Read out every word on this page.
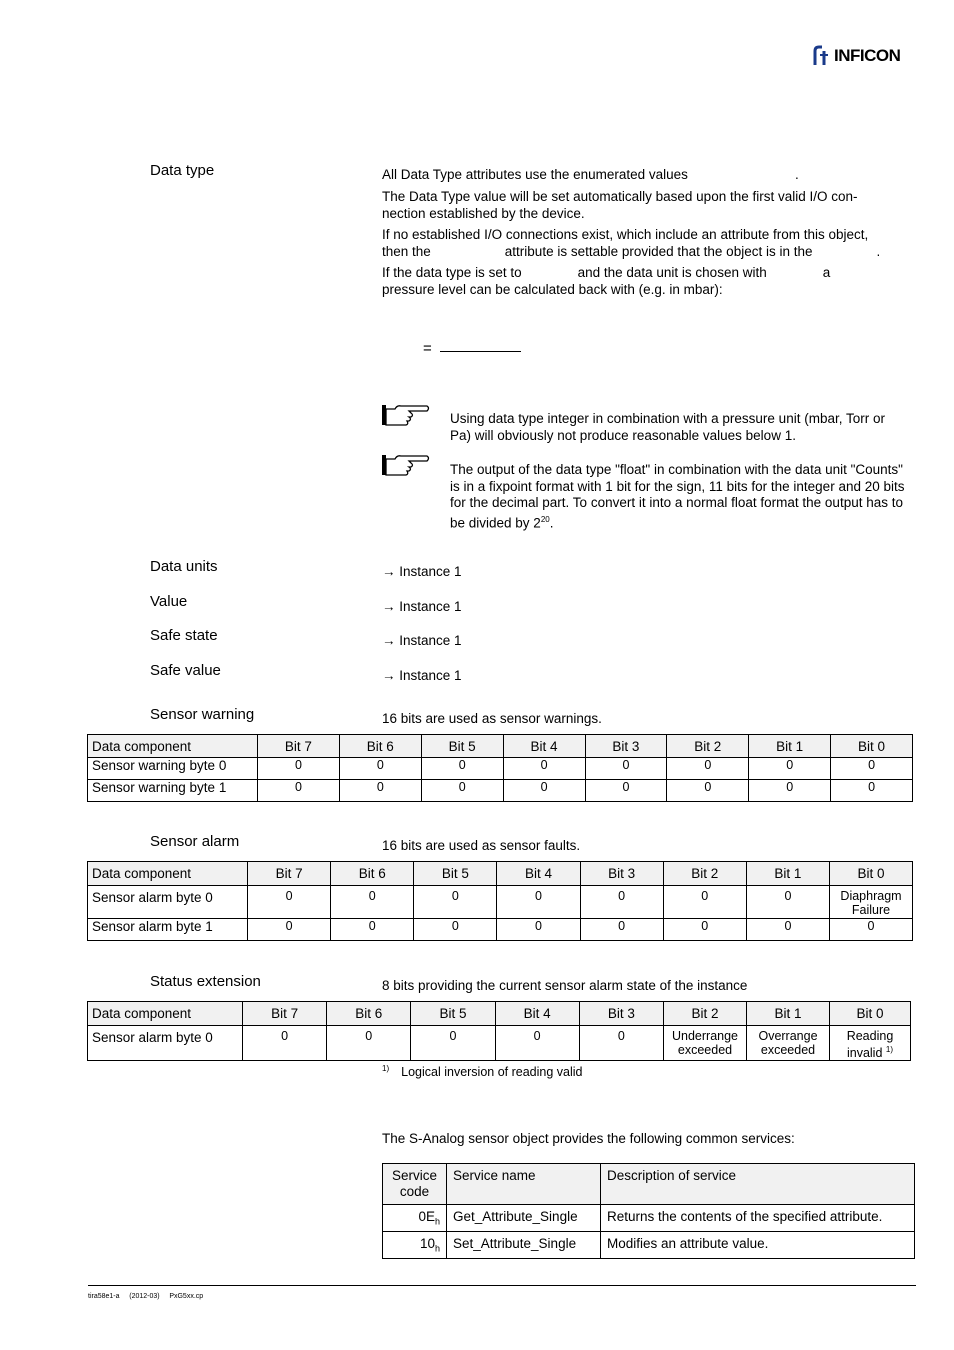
INFICON
Data type	All Data Type attributes use the enumerated values	.
The Data Type value will be set automatically based upon the first valid I/O con-
nection established by the device.
If no established I/O connections exist, which include an attribute from this object,
then the	attribute is settable provided that the object is in the	.
If the data type is set to	and the data unit is chosen with	a
pressure level can be calculated back with (e.g. in mbar):
=
Using data type integer in combination with a pressure unit (mbar, Torr or Pa) will obviously not produce reasonable values below 1.
The output of the data type "float" in combination with the data unit "Counts" is in a fixpoint format with 1 bit for the sign, 11 bits for the integer and 20 bits for the decimal part. To convert it into a normal float format the output has to be divided by $2^{20}$.
Data units	→ Instance 1
Value	→ Instance 1
Safe state	→ Instance 1
Safe value	→ Instance 1
Sensor warning	16 bits are used as sensor warnings.
Data component	Bit 7	Bit 6	Bit 5	Bit 4	Bit 3	Bit 2	Bit 1	Bit 0
Sensor warning byte 0	0	0	0	0	0	0	0	0
Sensor warning byte 1	0	0	0	0	0	0	0	0
Sensor alarm	16 bits are used as sensor faults.
Data component	Bit 7	Bit 6	Bit 5	Bit 4	Bit 3	Bit 2	Bit 1	Bit 0
Sensor alarm byte 0	0	0	0	0	0	0	0	Diaphragm Failure
Sensor alarm byte 1	0	0	0	0	0	0	0	0
Status extension	8 bits providing the current sensor alarm state of the instance
Data component	Bit 7	Bit 6	Bit 5	Bit 4	Bit 3	Bit 2	Bit 1	Bit 0
Sensor alarm byte 0	0	0	0	0	0	Underrange exceeded	Overrange exceeded	Reading invalid $^{1)}$
$^{1)}$ Logical inversion of reading valid
The S-Analog sensor object provides the following common services:
Service code	Service name	Description of service
$0E_h$	Get_Attribute_Single	Returns the contents of the specified attribute.
$10_h$	Set_Attribute_Single	Modifies an attribute value.
tira58e1-a     (2012-03)     PxG5xx.cp
